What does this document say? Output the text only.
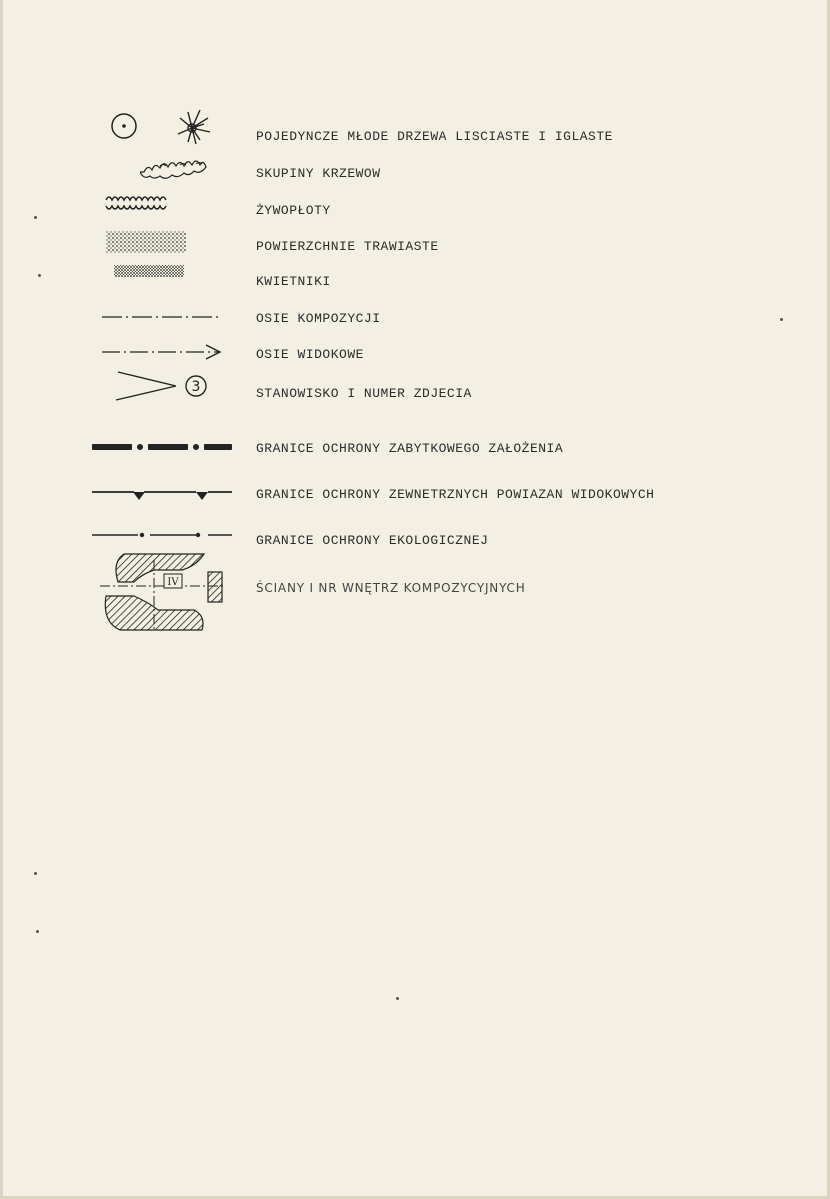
POJEDYNCZE MŁODE DRZEWA LISCIASTE I IGLASTE
SKUPINY KRZEWOW
ŻYWOPŁOTY
POWIERZCHNIE TRAWIASTE
KWIETNIKI
OSIE KOMPOZYCJI
OSIE WIDOKOWE
3	STANOWISKO I NUMER ZDJECIA
GRANICE OCHRONY ZABYTKOWEGO ZAŁOŻENIA
GRANICE OCHRONY ZEWNETRZNYCH POWIAZAN WIDOKOWYCH
GRANICE OCHRONY EKOLOGICZNEJ
IV	ŚCIANY I NR WNĘTRZ KOMPOZYCYJNYCH
